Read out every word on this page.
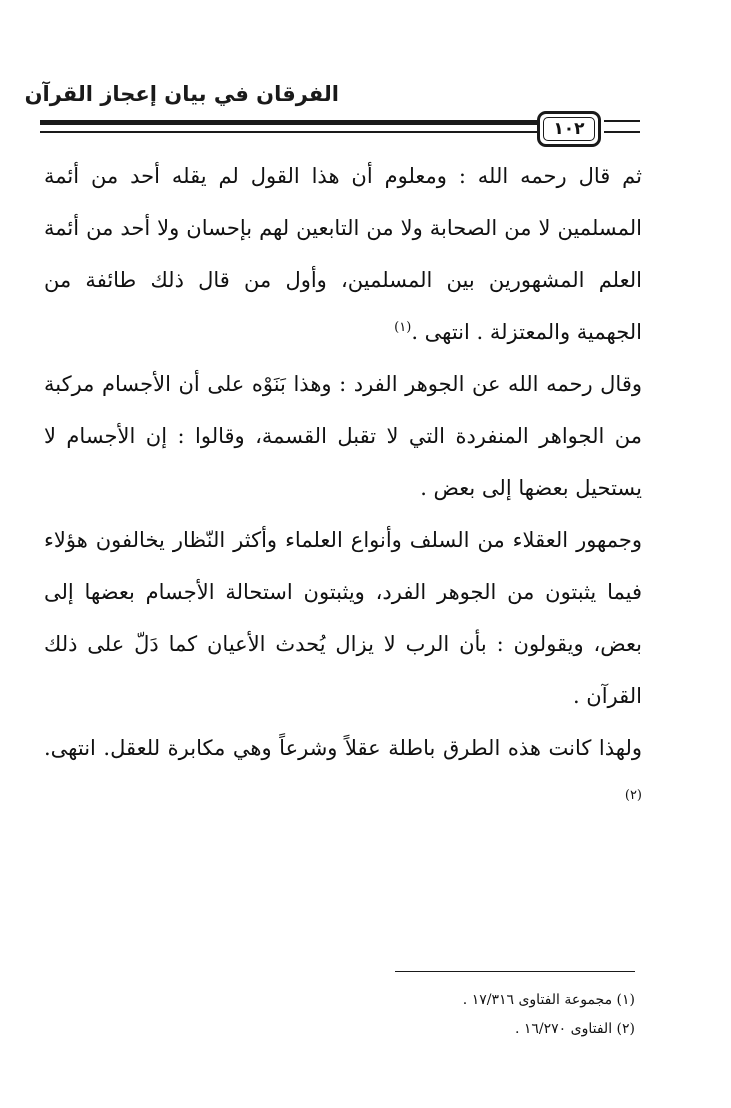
الفرقان في بيان إعجاز القرآن
١٠٢

ثم قال رحمه الله : ومعلوم أن هذا القول لم يقله أحد من أئمة المسلمين لا من الصحابة ولا من التابعين لهم بإحسان ولا أحد من أئمة العلم المشهورين بين المسلمين، وأول من قال ذلك طائفة من الجهمية والمعتزلة . انتهى .$^{(١)}$

وقال رحمه الله عن الجوهر الفرد : وهذا بَنَوْه على أن الأجسام مركبة من الجواهر المنفردة التي لا تقبل القسمة، وقالوا : إن الأجسام لا يستحيل بعضها إلى بعض .

وجمهور العقلاء من السلف وأنواع العلماء وأكثر النّظار يخالفون هؤلاء فيما يثبتون من الجوهر الفرد، ويثبتون استحالة الأجسام بعضها إلى بعض، ويقولون : بأن الرب لا يزال يُحدث الأعيان كما دَلّ على ذلك القرآن .

ولهذا كانت هذه الطرق باطلة عقلاً وشرعاً وهي مكابرة للعقل. انتهى.$^{(٢)}$

(١) مجموعة الفتاوى ١٧/٣١٦ .

(٢) الفتاوى ١٦/٢٧٠ .
